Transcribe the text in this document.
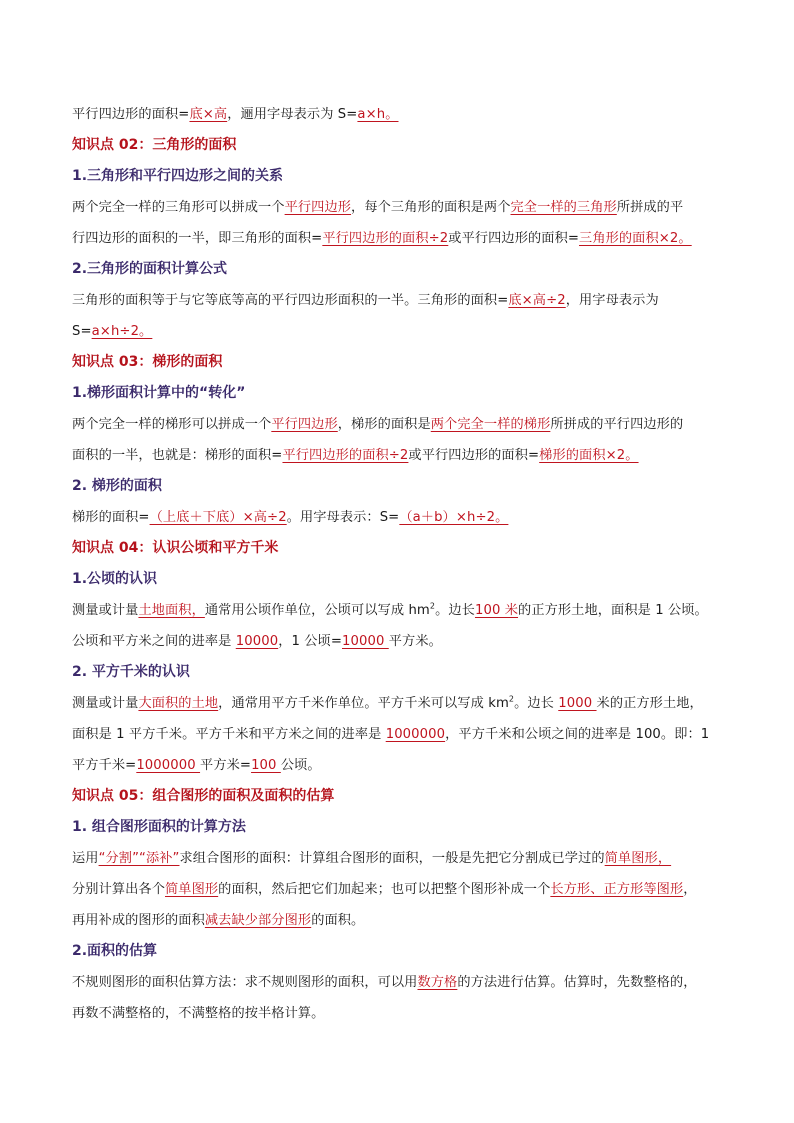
平行四边形的面积=底×高，逦用字母表示为 S=a×h。
知识点 02：三角形的面积
1.三角形和平行四边形之间的关系
两个完全一样的三角形可以拼成一个平行四边形，每个三角形的面积是两个完全一样的三角形所拼成的平
行四边形的面积的一半，即三角形的面积=平行四边形的面积÷2或平行四边形的面积=三角形的面积×2。
2.三角形的面积计算公式
三角形的面积等于与它等底等高的平行四边形面积的一半。三角形的面积=底×高÷2，用字母表示为
S=a×h÷2。
知识点 03：梯形的面积
1.梯形面积计算中的“转化”
两个完全一样的梯形可以拼成一个平行四边形，梯形的面积是两个完全一样的梯形所拼成的平行四边形的
面积的一半，也就是：梯形的面积=平行四边形的面积÷2或平行四边形的面积=梯形的面积×2。
2. 梯形的面积
梯形的面积=（上底＋下底）×高÷2。用字母表示：S=（a＋b）×h÷2。
知识点 04：认识公顷和平方千米
1.公顷的认识
测量或计量土地面积，通常用公顷作单位，公顷可以写成 $hm^2$。边长100 米的正方形土地，面积是 1 公顷。
公顷和平方米之间的进率是 10000，1 公顷=10000 平方米。
2. 平方千米的认识
测量或计量大面积的土地，通常用平方千米作单位。平方千米可以写成 $km^2$。边长 1000 米的正方形土地，
面积是 1 平方千米。平方千米和平方米之间的进率是 1000000，平方千米和公顷之间的进率是 100。即：1
平方千米=1000000 平方米=100 公顷。
知识点 05：组合图形的面积及面积的估算
1. 组合图形面积的计算方法
运用“分割”“添补”求组合图形的面积：计算组合图形的面积，一般是先把它分割成已学过的简单图形，
分别计算出各个简单图形的面积，然后把它们加起来；也可以把整个图形补成一个长方形、正方形等图形，
再用补成的图形的面积减去缺少部分图形的面积。
2.面积的估算
不规则图形的面积估算方法：求不规则图形的面积，可以用数方格的方法进行估算。估算时，先数整格的，
再数不满整格的，不满整格的按半格计算。
